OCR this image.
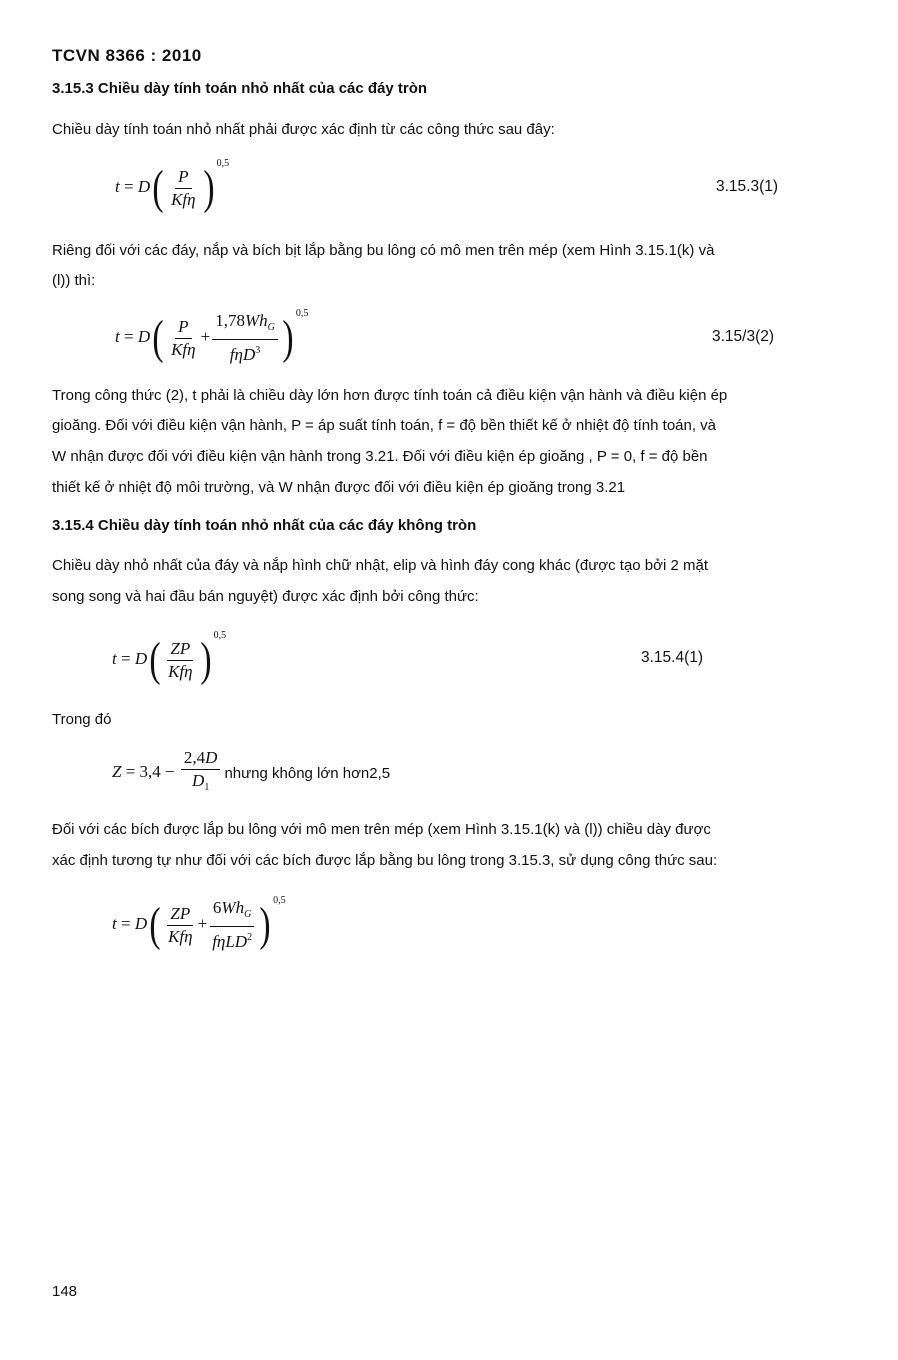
TCVN 8366 : 2010
3.15.3 Chiều dày tính toán nhỏ nhất của các đáy tròn
Chiều dày tính toán nhỏ nhất phải được xác định từ các công thức sau đây:
$t = D( \frac{P}{\text{Kfη}}$ ) $^{0,5}$
3.15.3(1)
Riêng đối với các đáy, nắp và bích bịt lắp bằng bu lông có mô men trên mép (xem Hình 3.15.1(k) và
(l)) thì:
$t = D( \frac{P}{\text{Kfη}} + \frac{1,78Wh_G}{f\eta D^3}$ ) $^{0,5}$
3.15/3(2)
Trong công thức (2), t phải là chiều dày lớn hơn được tính toán cả điều kiện vận hành và điều kiện ép
gioăng. Đối với điều kiện vận hành, P = áp suất tính toán, f = độ bền thiết kế ở nhiệt độ tính toán, và
W nhận được đối với điều kiện vận hành trong 3.21. Đối với điều kiện ép gioăng , P = 0, f = độ bền
thiết kế ở nhiệt độ môi trường, và W nhận được đối với điều kiện ép gioăng trong 3.21
3.15.4 Chiều dày tính toán nhỏ nhất của các đáy không tròn
Chiều dày nhỏ nhất của đáy và nắp hình chữ nhật, elip và hình đáy cong khác (được tạo bởi 2 mặt
song song và hai đầu bán nguyệt) được xác định bởi công thức:
$t = D( \frac{ZP}{\text{Kfη}}$ ) $^{0,5}$
3.15.4(1)
Trong đó
$Z = 3,4 - \frac{2,4D}{D_1}$ nhưng không lớn hơn2,5
Đối với các bích được lắp bu lông với mô men trên mép (xem Hình 3.15.1(k) và (l)) chiều dày được
xác định tương tự như đối với các bích được lắp bằng bu lông trong 3.15.3, sử dụng công thức sau:
$t = D( \frac{ZP}{\text{Kfη}} + \frac{6Wh_G}{f\eta LD^2}$ ) $^{0,5}$
148
